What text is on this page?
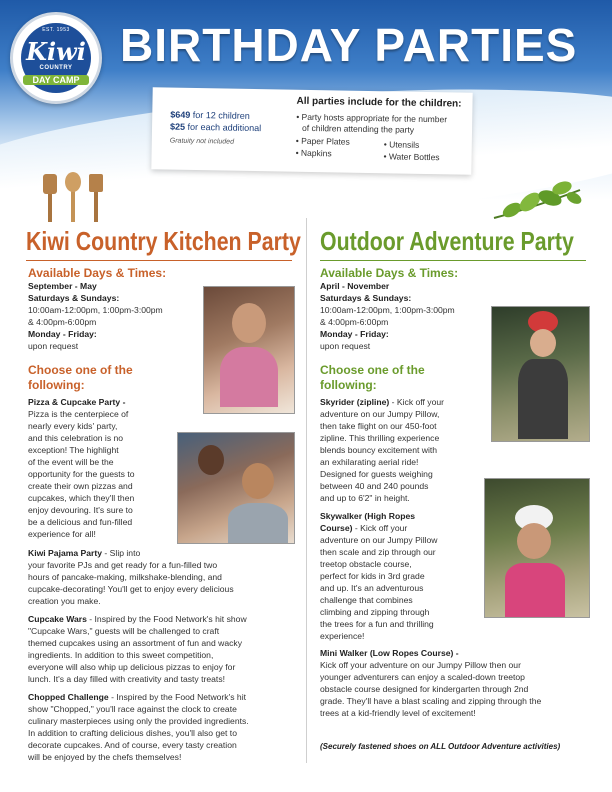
EST. 1953
Kiwi
COUNTRY
DAY CAMP
BIRTHDAY PARTIES
$649 for 12 children
$25 for each additional
Gratuity not included
All parties include for the children:
• Party hosts appropriate for the number
of children attending the party
• Paper Plates
• Napkins
• Utensils
• Water Bottles
Kiwi Country Kitchen Party Outdoor Adventure Party
Available Days & Times:
September - May
Saturdays & Sundays:
10:00am-12:00pm, 1:00pm-3:00pm
& 4:00pm-6:00pm
Monday - Friday:
upon request
Choose one of the
following:
Pizza & Cupcake Party -
Pizza is the centerpiece of
nearly every kids' party,
and this celebration is no
exception! The highlight
of the event will be the
opportunity for the guests to
create their own pizzas and
cupcakes, which they'll then
enjoy devouring. It's sure to
be a delicious and fun-filled
experience for all!
Kiwi Pajama Party - Slip into
your favorite PJs and get ready for a fun-filled two
hours of pancake-making, milkshake-blending, and
cupcake-decorating! You'll get to enjoy every delicious
creation you make.
Cupcake Wars - Inspired by the Food Network's hit show
"Cupcake Wars," guests will be challenged to craft
themed cupcakes using an assortment of fun and wacky
ingredients. In addition to this sweet competition,
everyone will also whip up delicious pizzas to enjoy for
lunch. It's a day filled with creativity and tasty treats!
Chopped Challenge - Inspired by the Food Network's hit
show "Chopped," you'll race against the clock to create
culinary masterpieces using only the provided ingredients.
In addition to crafting delicious dishes, you'll also get to
decorate cupcakes. And of course, every tasty creation
will be enjoyed by the chefs themselves!
Available Days & Times:
April - November
Saturdays & Sundays:
10:00am-12:00pm, 1:00pm-3:00pm
& 4:00pm-6:00pm
Monday - Friday:
upon request
Choose one of the
following:
Skyrider (zipline) - Kick off your
adventure on our Jumpy Pillow,
then take flight on our 450-foot
zipline. This thrilling experience
blends bouncy excitement with
an exhilarating aerial ride!
Designed for guests weighing
between 40 and 240 pounds
and up to 6'2" in height.
Skywalker (High Ropes
Course) - Kick off your
adventure on our Jumpy Pillow
then scale and zip through our
treetop obstacle course,
perfect for kids in 3rd grade
and up. It's an adventurous
challenge that combines
climbing and zipping through
the trees for a fun and thrilling
experience!
Mini Walker (Low Ropes Course) -
Kick off your adventure on our Jumpy Pillow then our
younger adventurers can enjoy a scaled-down treetop
obstacle course designed for kindergarten through 2nd
grade. They'll have a blast scaling and zipping through the
trees at a kid-friendly level of excitement!
(Securely fastened shoes on ALL Outdoor Adventure activities)
